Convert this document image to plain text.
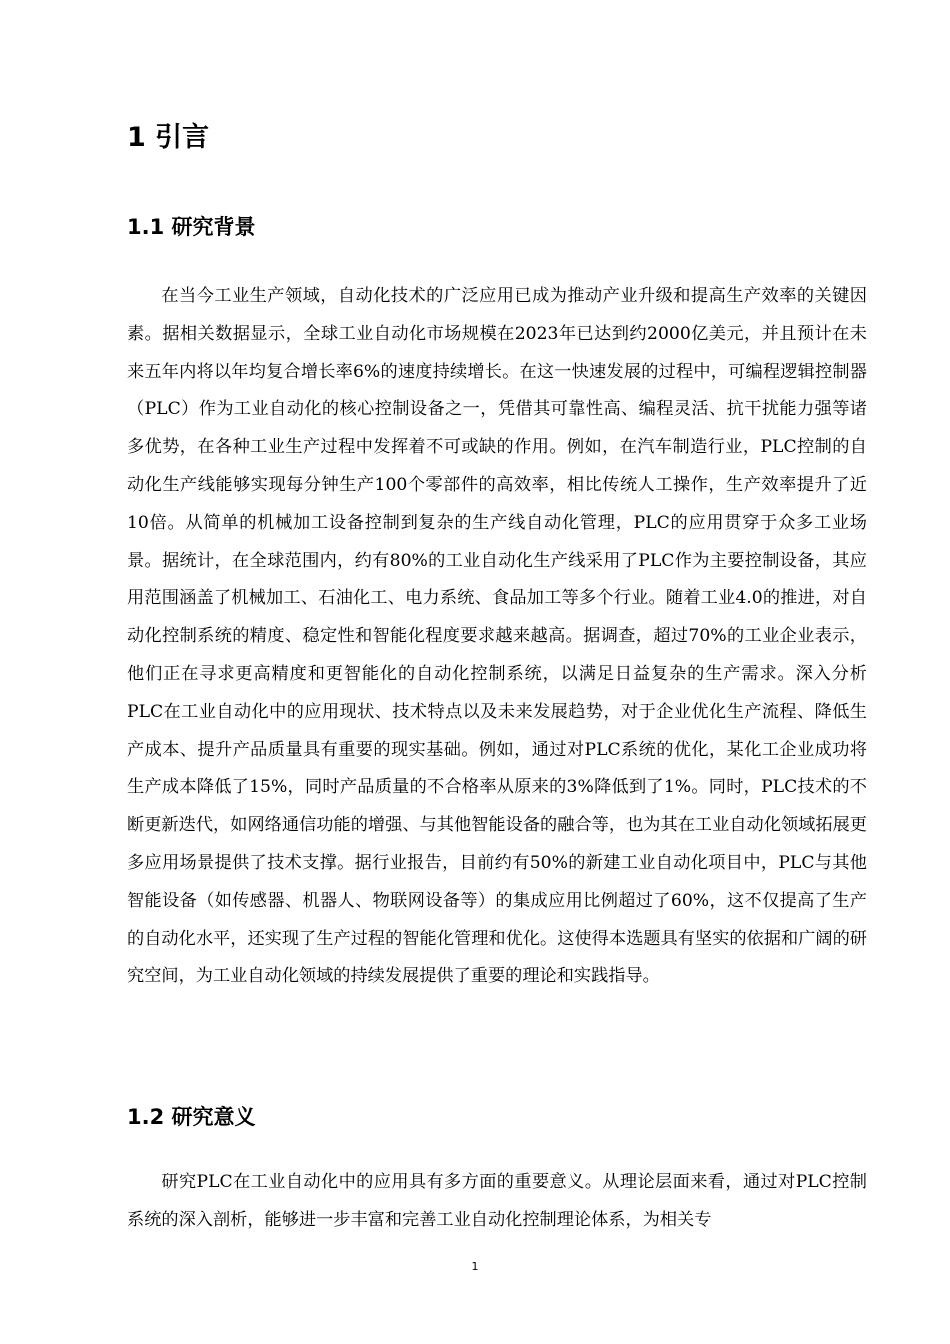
1 引言
1.1 研究背景

在当今工业生产领域，自动化技术的广泛应用已成为推动产业升级和提高生产效率的关键因素。据相关数据显示，全球工业自动化市场规模在2023年已达到约2000亿美元，并且预计在未来五年内将以年均复合增长率6%的速度持续增长。在这一快速发展的过程中，可编程逻辑控制器（PLC）作为工业自动化的核心控制设备之一，凭借其可靠性高、编程灵活、抗干扰能力强等诸多优势，在各种工业生产过程中发挥着不可或缺的作用。例如，在汽车制造行业，PLC控制的自动化生产线能够实现每分钟生产100个零部件的高效率，相比传统人工操作，生产效率提升了近10倍。从简单的机械加工设备控制到复杂的生产线自动化管理，PLC的应用贯穿于众多工业场景。据统计，在全球范围内，约有80%的工业自动化生产线采用了PLC作为主要控制设备，其应用范围涵盖了机械加工、石油化工、电力系统、食品加工等多个行业。随着工业4.0的推进，对自动化控制系统的精度、稳定性和智能化程度要求越来越高。据调查，超过70%的工业企业表示，他们正在寻求更高精度和更智能化的自动化控制系统，以满足日益复杂的生产需求。深入分析PLC在工业自动化中的应用现状、技术特点以及未来发展趋势，对于企业优化生产流程、降低生产成本、提升产品质量具有重要的现实基础。例如，通过对PLC系统的优化，某化工企业成功将生产成本降低了15%，同时产品质量的不合格率从原来的3%降低到了1%。同时，PLC技术的不断更新迭代，如网络通信功能的增强、与其他智能设备的融合等，也为其在工业自动化领域拓展更多应用场景提供了技术支撑。据行业报告，目前约有50%的新建工业自动化项目中，PLC与其他智能设备（如传感器、机器人、物联网设备等）的集成应用比例超过了60%，这不仅提高了生产的自动化水平，还实现了生产过程的智能化管理和优化。这使得本选题具有坚实的依据和广阔的研究空间，为工业自动化领域的持续发展提供了重要的理论和实践指导。

1.2 研究意义

研究PLC在工业自动化中的应用具有多方面的重要意义。从理论层面来看，通过对PLC控制系统的深入剖析，能够进一步丰富和完善工业自动化控制理论体系，为相关专

1
